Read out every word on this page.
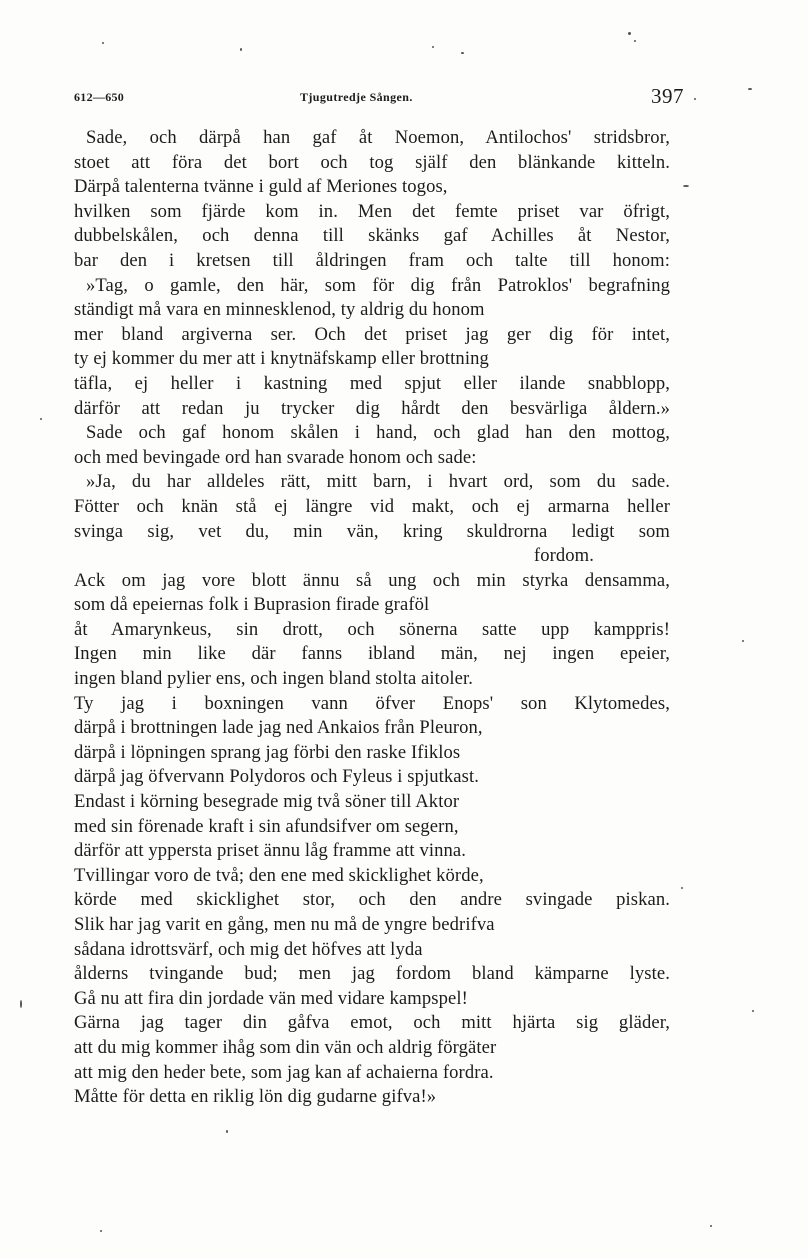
612—650	Tjugutredje Sången.	397
Sade, och därpå han gaf åt Noemon, Antilochos' stridsbror,
stoet att föra det bort och tog själf den blänkande kitteln.
Därpå talenterna tvänne i guld af Meriones togos,
hvilken som fjärde kom in. Men det femte priset var öfrigt,
dubbelskålen, och denna till skänks gaf Achilles åt Nestor,
bar den i kretsen till åldringen fram och talte till honom:
»Tag, o gamle, den här, som för dig från Patroklos' begrafning
ständigt må vara en minnesklenod, ty aldrig du honom
mer bland argiverna ser. Och det priset jag ger dig för intet,
ty ej kommer du mer att i knytnäfskamp eller brottning
täfla, ej heller i kastning med spjut eller ilande snabblopp,
därför att redan ju trycker dig hårdt den besvärliga åldern.»
Sade och gaf honom skålen i hand, och glad han den mottog,
och med bevingade ord han svarade honom och sade:
»Ja, du har alldeles rätt, mitt barn, i hvart ord, som du sade.
Fötter och knän stå ej längre vid makt, och ej armarna heller
svinga sig, vet du, min vän, kring skuldrorna ledigt som
fordom.
Ack om jag vore blott ännu så ung och min styrka densamma,
som då epeiernas folk i Buprasion firade graföl
åt Amarynkeus, sin drott, och sönerna satte upp kamppris!
Ingen min like där fanns ibland män, nej ingen epeier,
ingen bland pylier ens, och ingen bland stolta aitoler.
Ty jag i boxningen vann öfver Enops' son Klytomedes,
därpå i brottningen lade jag ned Ankaios från Pleuron,
därpå i löpningen sprang jag förbi den raske Ifiklos
därpå jag öfvervann Polydoros och Fyleus i spjutkast.
Endast i körning besegrade mig två söner till Aktor
med sin förenade kraft i sin afundsifver om segern,
därför att yppersta priset ännu låg framme att vinna.
Tvillingar voro de två; den ene med skicklighet körde,
körde med skicklighet stor, och den andre svingade piskan.
Slik har jag varit en gång, men nu må de yngre bedrifva
sådana idrottsvärf, och mig det höfves att lyda
ålderns tvingande bud; men jag fordom bland kämparne lyste.
Gå nu att fira din jordade vän med vidare kampspel!
Gärna jag tager din gåfva emot, och mitt hjärta sig gläder,
att du mig kommer ihåg som din vän och aldrig förgäter
att mig den heder bete, som jag kan af achaierna fordra.
Måtte för detta en riklig lön dig gudarne gifva!»
